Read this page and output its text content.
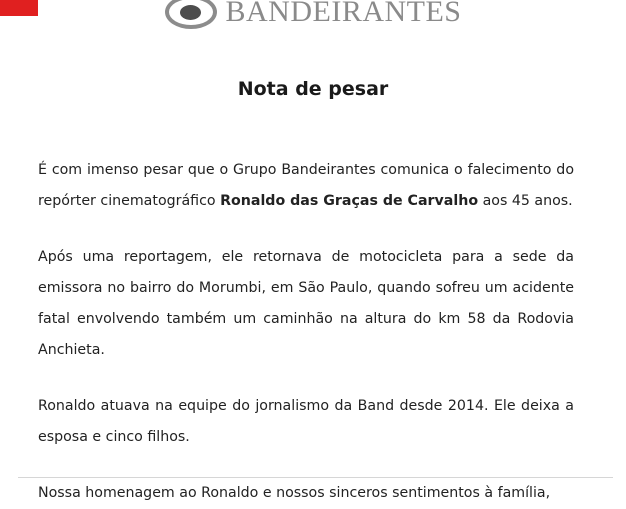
BANDEIRANTES
Nota de pesar

É com imenso pesar que o Grupo Bandeirantes comunica o falecimento do repórter cinematográfico Ronaldo das Graças de Carvalho aos 45 anos.

Após uma reportagem, ele retornava de motocicleta para a sede da emissora no bairro do Morumbi, em São Paulo, quando sofreu um acidente fatal envolvendo também um caminhão na altura do km 58 da Rodovia Anchieta.

Ronaldo atuava na equipe do jornalismo da Band desde 2014. Ele deixa a esposa e cinco filhos.

Nossa homenagem ao Ronaldo e nossos sinceros sentimentos à família,
